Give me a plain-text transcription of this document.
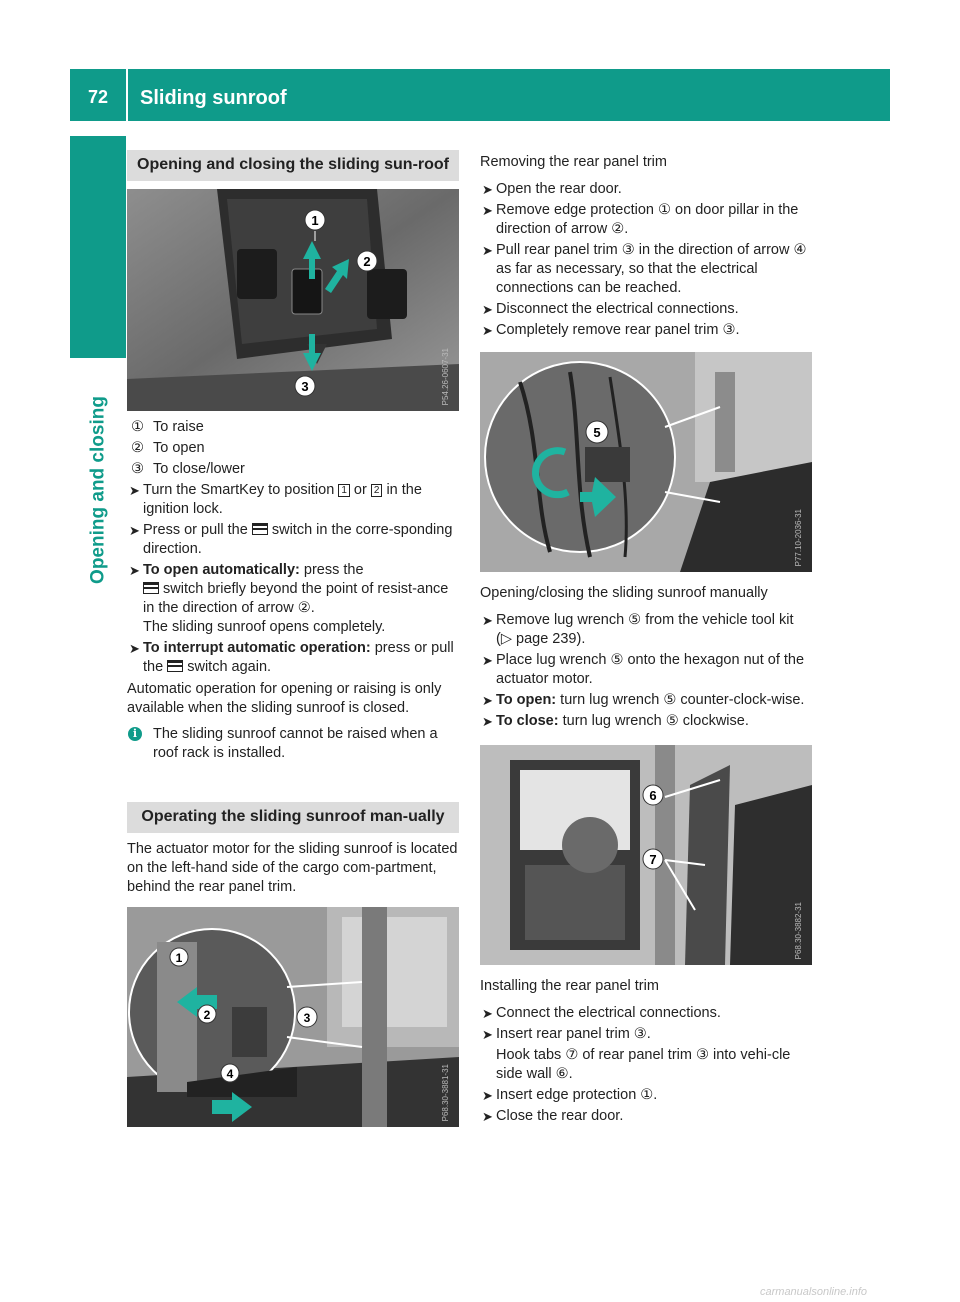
72	Sliding sunroof
Opening and closing
Opening and closing the sliding sun-roof
1
2
3	P54.26-0607-31

① To raise

② To open

③ To close/lower

➤ Turn the SmartKey to position 1 or 2 in the ignition lock.

➤ Press or pull the switch in the corre-sponding direction.

➤ To open automatically: press the
switch briefly beyond the point of resist-ance in the direction of arrow ②.
The sliding sunroof opens completely.

➤ To interrupt automatic operation: press or pull the switch again.

Automatic operation for opening or raising is only available when the sliding sunroof is closed.

i	The sliding sunroof cannot be raised when a roof rack is installed.

Operating the sliding sunroof man-ually

The actuator motor for the sliding sunroof is located on the left-hand side of the cargo com-partment, behind the rear panel trim.

1
2	3
4	P68.30-3881-31

Removing the rear panel trim

➤ Open the rear door.

➤ Remove edge protection ① on door pillar in the direction of arrow ②.

➤ Pull rear panel trim ③ in the direction of arrow ④ as far as necessary, so that the electrical connections can be reached.

➤ Disconnect the electrical connections.

➤ Completely remove rear panel trim ③.

5
P77.10-2036-31

Opening/closing the sliding sunroof manually

➤ Remove lug wrench ⑤ from the vehicle tool kit (▷ page 239).

➤ Place lug wrench ⑤ onto the hexagon nut of the actuator motor.

➤ To open: turn lug wrench ⑤ counter-clock-wise.

➤ To close: turn lug wrench ⑤ clockwise.

6
7
P68.30-3882-31

Installing the rear panel trim

➤ Connect the electrical connections.

➤ Insert rear panel trim ③.

Hook tabs ⑦ of rear panel trim ③ into vehi-cle side wall ⑥.

➤ Insert edge protection ①.

➤ Close the rear door.

carmanualsonline.info
